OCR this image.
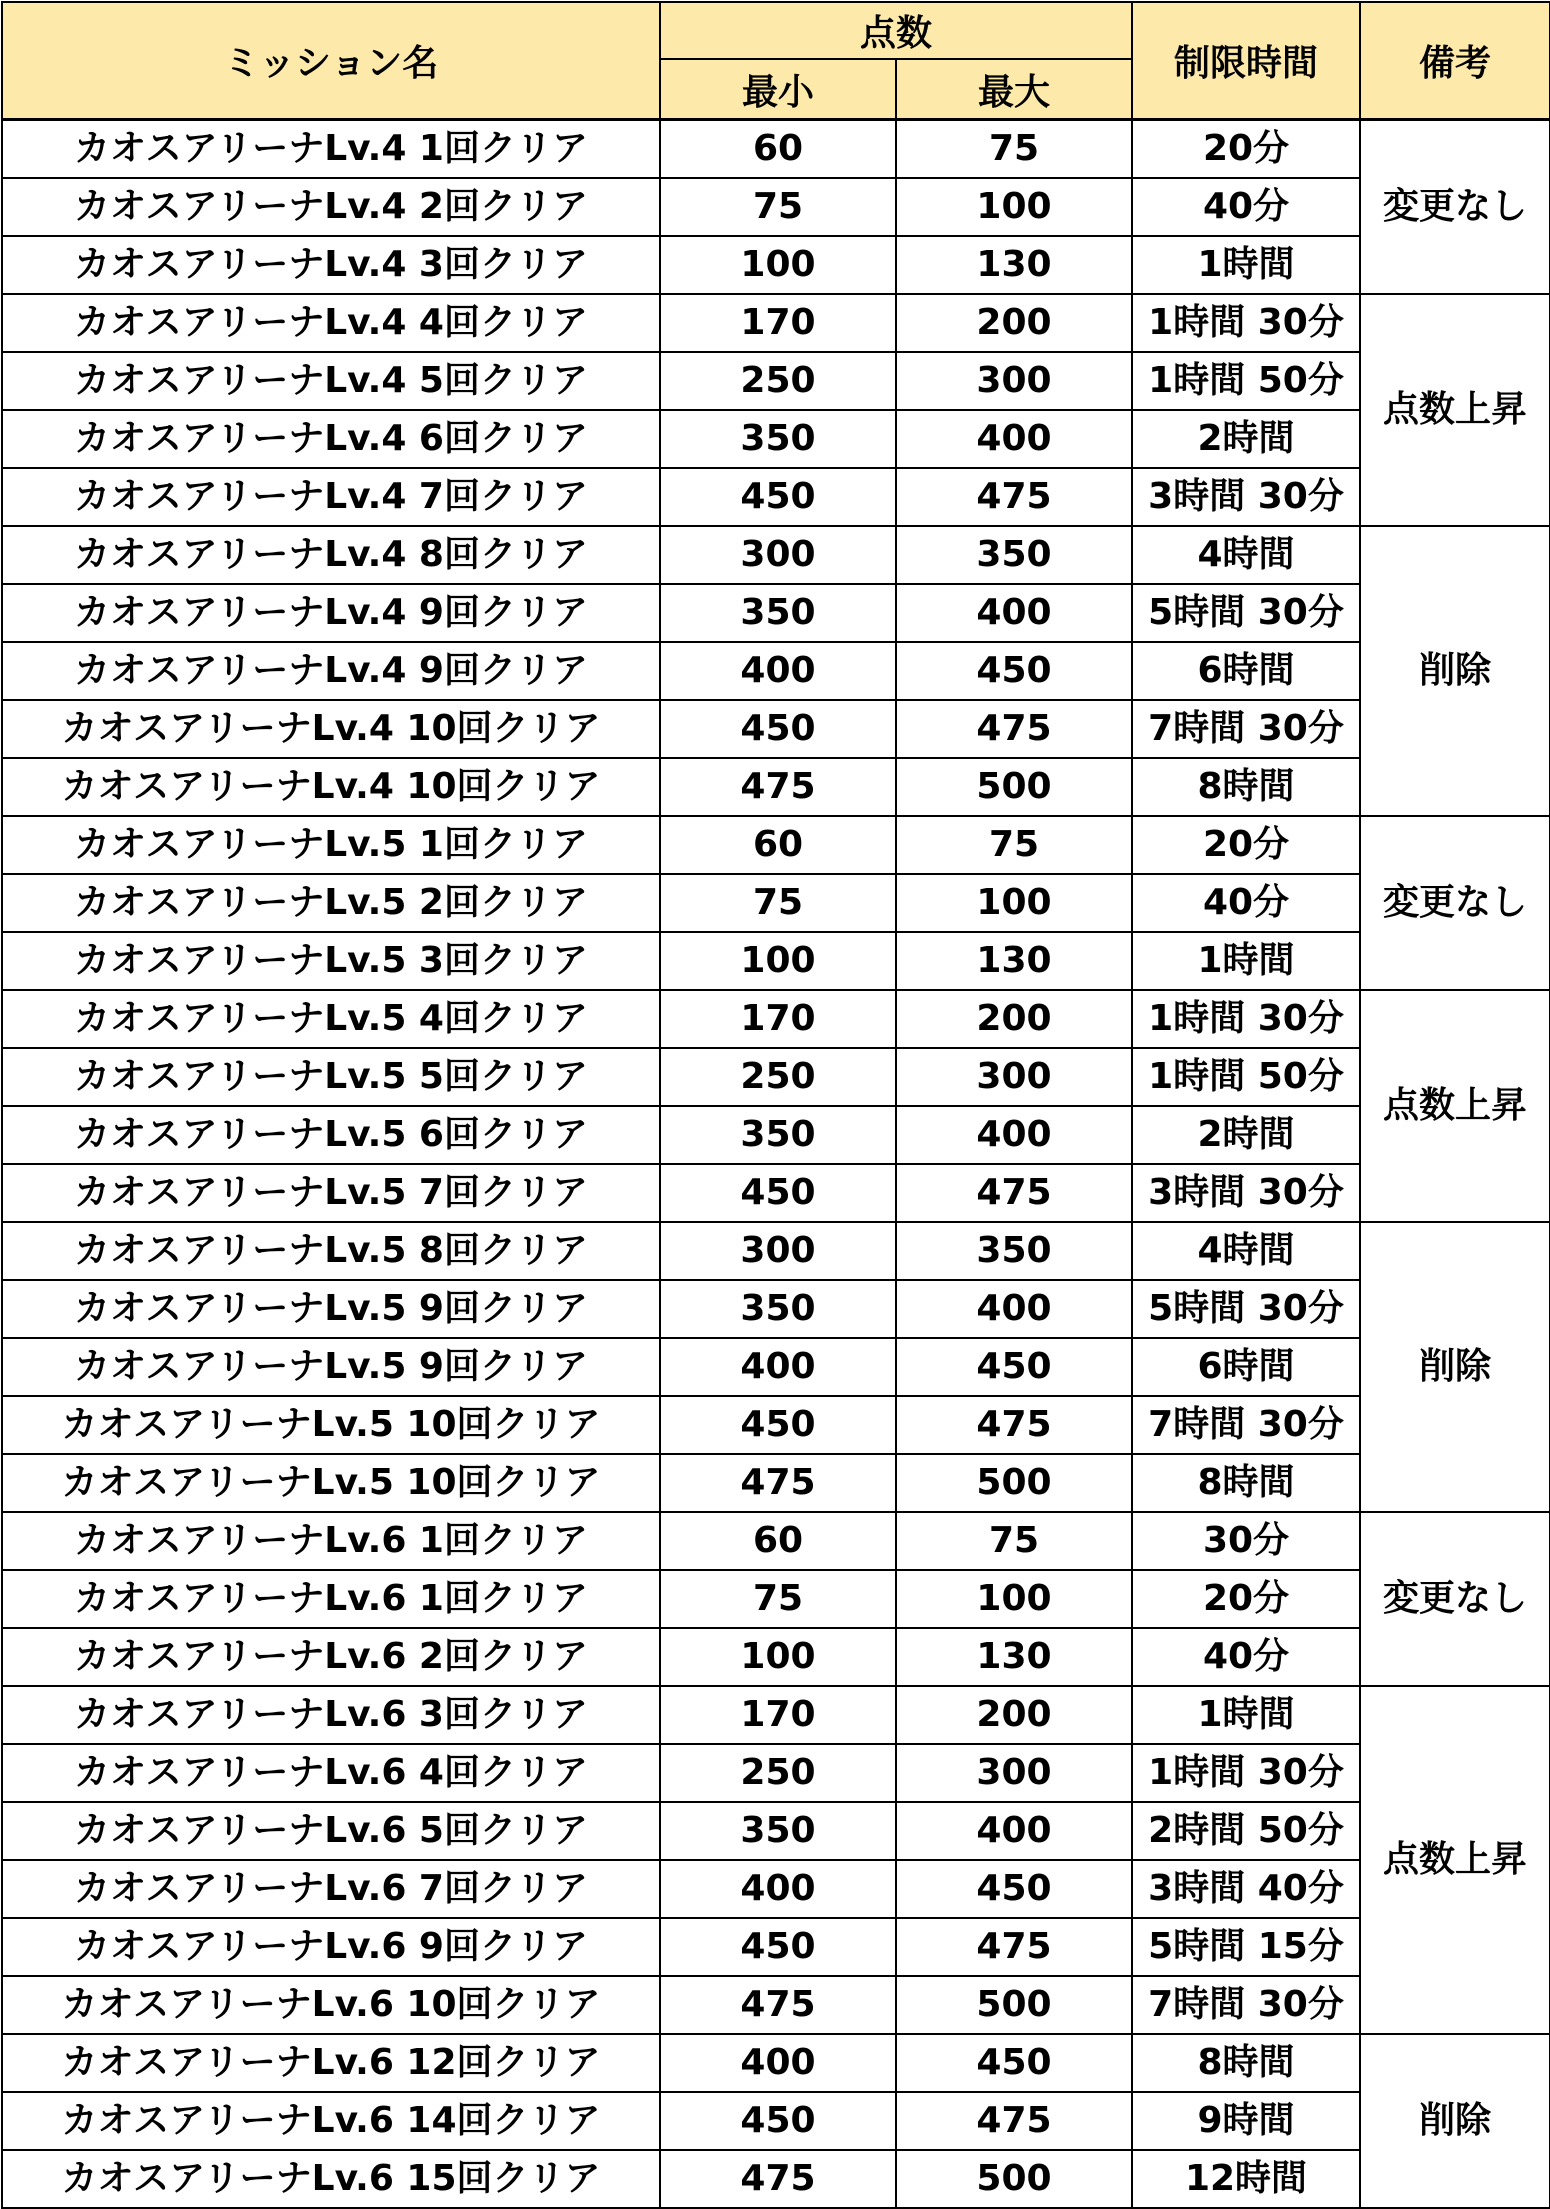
ミッション名	点数		制限時間	備考
	最小	最大		
カオスアリーナLv.4 1回クリア	60	75	20分	変更なし
カオスアリーナLv.4 2回クリア	75	100	40分	
カオスアリーナLv.4 3回クリア	100	130	1時間	
カオスアリーナLv.4 4回クリア	170	200	1時間 30分	点数上昇
カオスアリーナLv.4 5回クリア	250	300	1時間 50分	
カオスアリーナLv.4 6回クリア	350	400	2時間	
カオスアリーナLv.4 7回クリア	450	475	3時間 30分	
カオスアリーナLv.4 8回クリア	300	350	4時間	削除
カオスアリーナLv.4 9回クリア	350	400	5時間 30分	
カオスアリーナLv.4 9回クリア	400	450	6時間	
カオスアリーナLv.4 10回クリア	450	475	7時間 30分	
カオスアリーナLv.4 10回クリア	475	500	8時間	
カオスアリーナLv.5 1回クリア	60	75	20分	変更なし
カオスアリーナLv.5 2回クリア	75	100	40分	
カオスアリーナLv.5 3回クリア	100	130	1時間	
カオスアリーナLv.5 4回クリア	170	200	1時間 30分	点数上昇
カオスアリーナLv.5 5回クリア	250	300	1時間 50分	
カオスアリーナLv.5 6回クリア	350	400	2時間	
カオスアリーナLv.5 7回クリア	450	475	3時間 30分	
カオスアリーナLv.5 8回クリア	300	350	4時間	削除
カオスアリーナLv.5 9回クリア	350	400	5時間 30分	
カオスアリーナLv.5 9回クリア	400	450	6時間	
カオスアリーナLv.5 10回クリア	450	475	7時間 30分	
カオスアリーナLv.5 10回クリア	475	500	8時間	
カオスアリーナLv.6 1回クリア	60	75	30分	変更なし
カオスアリーナLv.6 1回クリア	75	100	20分	
カオスアリーナLv.6 2回クリア	100	130	40分	
カオスアリーナLv.6 3回クリア	170	200	1時間	点数上昇
カオスアリーナLv.6 4回クリア	250	300	1時間 30分	
カオスアリーナLv.6 5回クリア	350	400	2時間 50分	
カオスアリーナLv.6 7回クリア	400	450	3時間 40分	
カオスアリーナLv.6 9回クリア	450	475	5時間 15分	
カオスアリーナLv.6 10回クリア	475	500	7時間 30分	
カオスアリーナLv.6 12回クリア	400	450	8時間	削除
カオスアリーナLv.6 14回クリア	450	475	9時間	
カオスアリーナLv.6 15回クリア	475	500	12時間	
